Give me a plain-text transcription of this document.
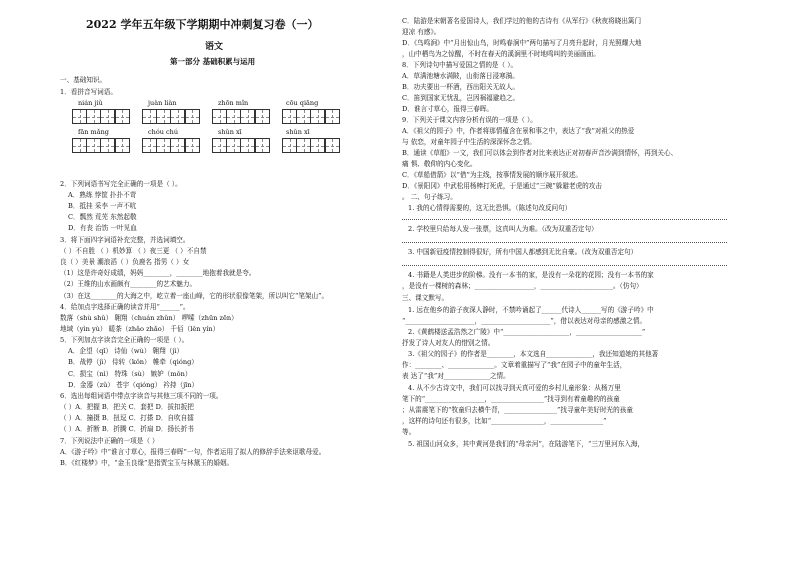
2022 学年五年级下学期期中冲刺复习卷（一）
语文
第一部分 基础积累与运用
一、基础知识。
1．看拼音写词语。
nián jiǔ	juàn liàn	zhōn mǐn	cōu qiāng
fān mǎng	chóu chú	shǔn xī	shǔn xī
2．下列词语书写完全正确的一项是（ ）。
A．熟练 悖筐 扑扑不苛
B．抵挂 采李 一声不吭
C．瓢然 荒芜 东然起敬
D．有丧 治饬 一叶见血
3．将下面四字词语补充完整，并选词填空。
（ ）不自胜 （ ）机妙算 （ ）夜三更 （ ）不自禁
良（ ）美景 潮浪滔（ ）负鹿名 指男（ ）女
（1）这是许奇好成绩，妈妈________，________地抱着我就是夸。
（2）王维的山水画颇有________的艺术魅力。
（3）在这________的大海之中，屹立着一座山峰，它的形状很像笔架，所以叫它“笔架山”。
4．给加点字选择正确的读音并用“______”。
数落（shù shǔ） 翱翔（chuán zhǔn） 啰嗦（zhūn zēn）
地域（yìn yù） 暖茶（zhǎo zhǎo） 千佰（lěn yín）
5．下列加点字读音完全正确的一项是（ ）。
A．企望（qǐ） 诗仙（wù） 翱翔（jì）
B．战停（jì） 侍转（kǒn） 帷牵（qióng）
C．损宝（nì） 特珠（sù） 嫉妒（mǒn）
D．金器（zǔ） 苍宇（qióng） 衿持（jīn）
6．选出每组词语中带点字读音与其他三项不同的一项。
（ ）A．把握 B．把关 C．套把 D．拔扣扳把
（ ）A．撞摄 B．扭逗 C．打搽 D．自吹自擂
（ ）A．折断 B．折腾 C．折扇 D．扬长折书
7．下列说法中正确的一项是（ ）
A．《游子吟》中“谁言寸草心，报得三春晖”一句，作者运用了拟人的修辞手法来讴歌母爱。
B．《红楼梦》中，“金玉良缘”是指贾宝玉与林黛玉的婚姻。
C．陆游是宋朝著名爱国诗人，我们学过的他的古诗有《从军行》《秋夜将晓出篱门
迎凉 有感》。
D．《鸟鸣涧》中“月出惊山鸟，时鸣春涧中”两句描写了月亮升起时，月光照耀大地
，山中栖鸟为之惊醒，不时在春天的溪涧里不时地鸣叫的美丽画面。
8．下列诗句中描写爱国之情的是（ ）。
A．草满池塘水满陂，山衔落日浸寒漪。
B．功夫要出一杯酒，西出阳关无故人。
C．笛到国家无忧乱，岂因祸福避趋之。
D．谁言寸草心，报得三春晖。
9．下列关于课文内容分析有误的一项是（ ）。
A．《祖父的园子》中，作者将那情蕴含在景和事之中，表达了“我”对祖父的热爱
与 依恋，对童年园子中生活的深深怀念之情。
B．通读《草船》一文，我们可以体会到作者对比来表达正对初春声音沙满到情怀，再到关心、
痛 惧、敬仰的内心变化。
C．《草船借箭》以“借”为主线，按事情发展的顺序展开叙述。
D．《景阳冈》中武松用杨棒打死虎，于是通过“三碗”躲避老虎的攻击
。 二、句子练习。
1. 我的心情得需要的，这无比恐惧。（陈述句改反问句）
2. 学校里只给每人发一张票，这真叫人为难。（改为双重否定句）
3. 中国新冠疫情控制得很好，所有中国人都感到无比自豪。（改为双重否定句）
4. 书籍是人类进步的阶梯。没有一本书的家，是没有一朵花的花园；没有一本书的家
，是没有一棵树的森林；__________________，______________________。（仿句）
三、课文默写。
1. 远在他乡的游子夜深人静时，不禁吟诵起了______代诗人______写的《游子吟》中
“_____________________，_____________________”，借以表达对母亲的感激之情。
2.《黄鹤楼送孟浩然之广陵》中“____________________，____________________”
抒发了诗人对友人的惜别之情。
3.《祖父的园子》的作者是________，本文选自______________，我还知道她的其他著
作：________、______________。文章着重描写了“我”在园子中的童年生活，
表 达了“我”对______________之情。
4. 从不少古诗文中，我们可以找寻到天真可爱的乡村儿童形象：从杨万里
笔下的“__________________，________________”找寻到有着童趣的的孩童
；从雷震笔下的“牧童归去横牛背，________________”找寻童年美好时光的孩童
，这样的诗句还有很多，比如“________________，________________”
等。
5. 祖国山河众多，其中黄河是我们的“母亲河”，在陆游笔下，“三万里河东入海，
